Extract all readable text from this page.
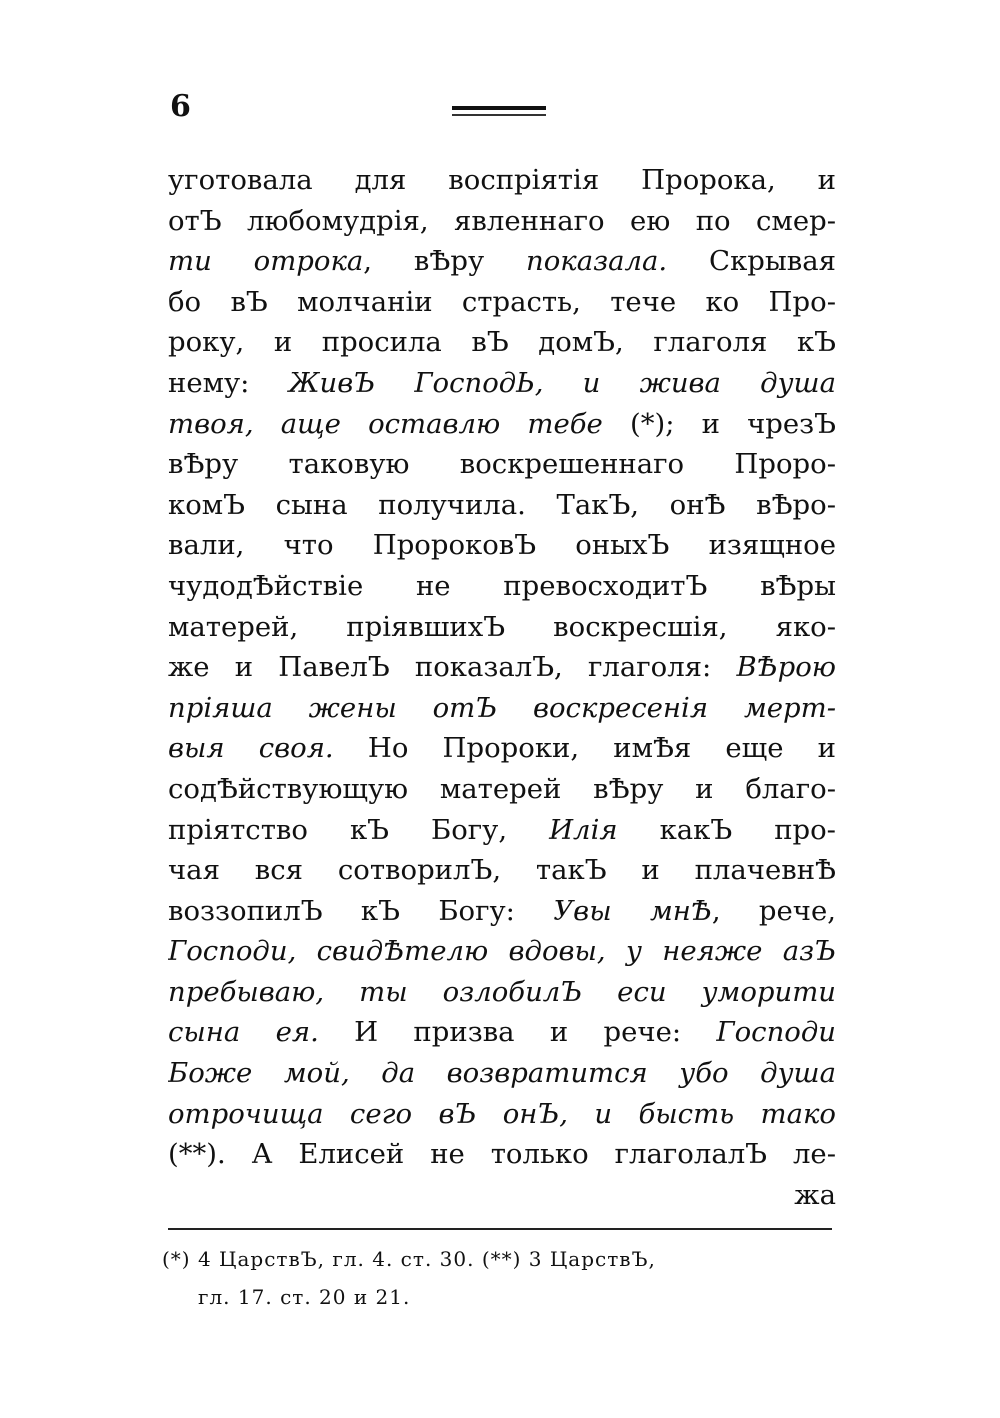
6
уготовала для воспріятія Пророка, и
отЪ любомудрія, явленнаго ею по смер-
ти отрока, вѢру показала. Скрывая
бо вЪ молчаніи страсть, тече ко Про-
року, и просила вЪ домЪ, глаголя кЪ
нему: ЖивЪ ГосподЬ, и жива душа
твоя, аще оставлю тебе (*); и чрезЪ
вѢру таковую воскрешеннаго Проро-
комЪ сына получила. ТакЪ, онѢ вѢро-
вали, что ПророковЪ оныхЪ изящное
чудодѢйствіе не превосходитЪ вѢры
матерей, пріявшихЪ воскресшія, яко-
же и ПавелЪ показалЪ, глаголя: ВѢрою
пріяша жены отЪ воскресенія мерт-
выя своя. Но Пророки, имѢя еще и
содѢйствующую матерей вѢру и благо-
пріятство кЪ Богу, Илія какЪ про-
чая вся сотворилЪ, такЪ и плачевнѢ
воззопилЪ кЪ Богу: Увы мнѢ, рече,
Господи, свидѢтелю вдовы, у неяже азЪ
пребываю, ты озлобилЪ еси уморити
сына ея. И призва и рече: Господи
Боже мой, да возвратится убо душа
отрочища сего вЪ онЪ, и бысть тако
(**). А Елисей не только глаголалЪ ле-
жа
(*) 4 ЦарствЪ, гл. 4. ст. 30. (**) 3 ЦарствЪ,
гл. 17. ст. 20 и 21.
